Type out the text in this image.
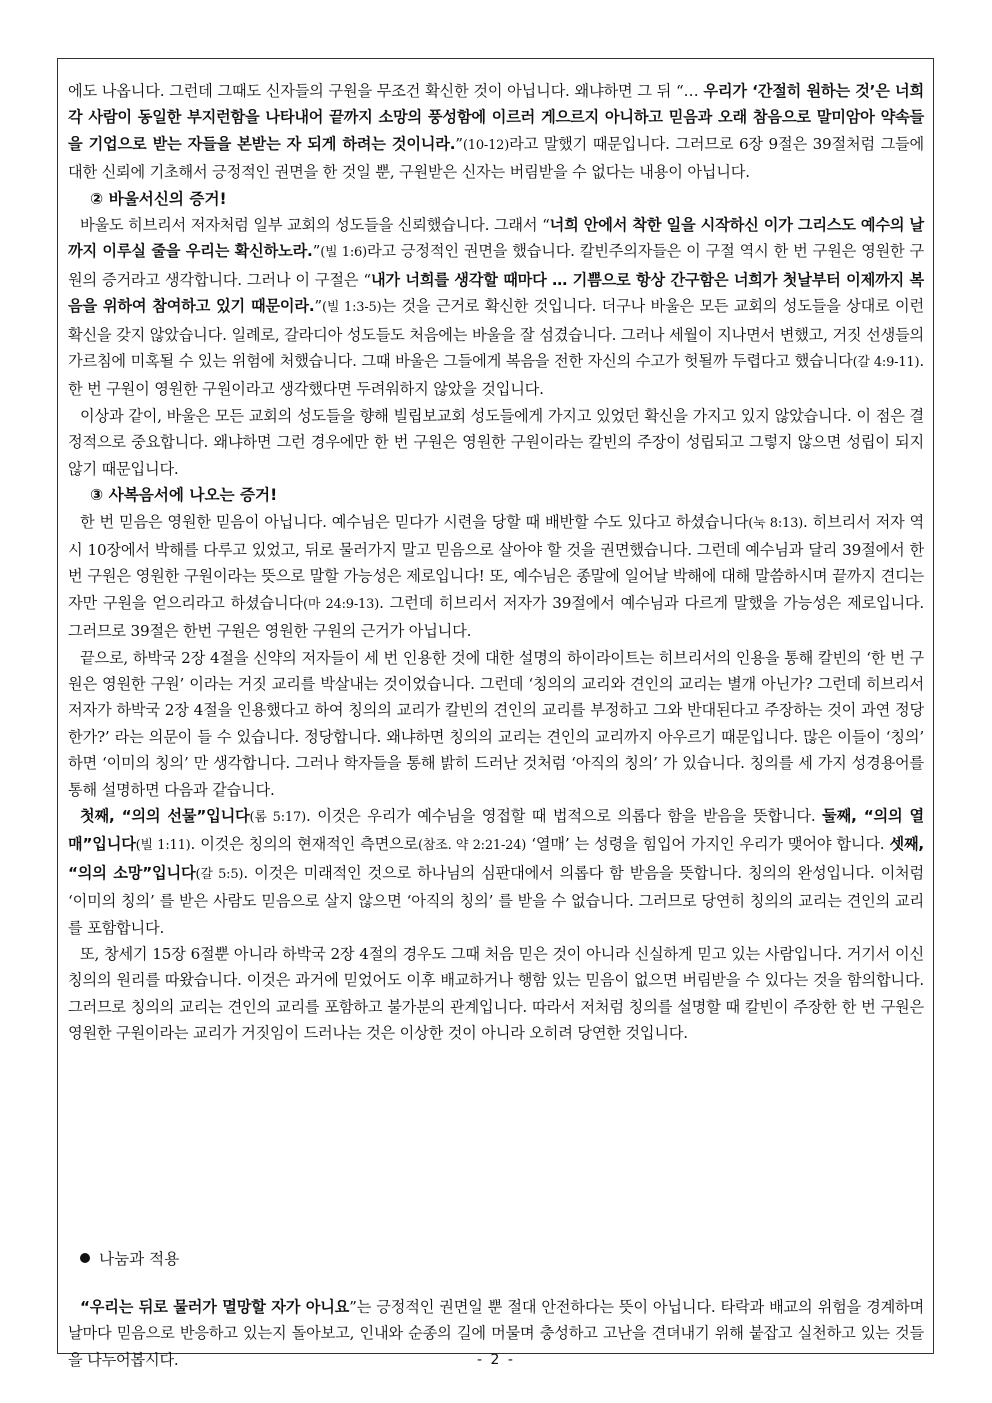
에도 나옵니다. 그런데 그때도 신자들의 구원을 무조건 확신한 것이 아닙니다. 왜냐하면 그 뒤 “… 우리가 ‘간절히 원하는 것’은 너희 각 사람이 동일한 부지런함을 나타내어 끝까지 소망의 풍성함에 이르러 게으르지 아니하고 믿음과 오래 참음으로 말미암아 약속들을 기업으로 받는 자들을 본받는 자 되게 하려는 것이니라.”(10-12)라고 말했기 때문입니다. 그러므로 6장 9절은 39절처럼 그들에 대한 신뢰에 기초해서 긍정적인 권면을 한 것일 뿐, 구원받은 신자는 버림받을 수 없다는 내용이 아닙니다.

② 바울서신의 증거!

바울도 히브리서 저자처럼 일부 교회의 성도들을 신뢰했습니다. 그래서 “너희 안에서 착한 일을 시작하신 이가 그리스도 예수의 날까지 이루실 줄을 우리는 확신하노라.”(빌 1:6)라고 긍정적인 권면을 했습니다. 칼빈주의자들은 이 구절 역시 한 번 구원은 영원한 구원의 증거라고 생각합니다. 그러나 이 구절은 “내가 너희를 생각할 때마다 … 기쁨으로 항상 간구함은 너희가 첫날부터 이제까지 복음을 위하여 참여하고 있기 때문이라.”(빌 1:3-5)는 것을 근거로 확신한 것입니다. 더구나 바울은 모든 교회의 성도들을 상대로 이런 확신을 갖지 않았습니다. 일례로, 갈라디아 성도들도 처음에는 바울을 잘 섬겼습니다. 그러나 세월이 지나면서 변했고, 거짓 선생들의 가르침에 미혹될 수 있는 위험에 처했습니다. 그때 바울은 그들에게 복음을 전한 자신의 수고가 헛될까 두렵다고 했습니다(갈 4:9-11). 한 번 구원이 영원한 구원이라고 생각했다면 두려워하지 않았을 것입니다.

이상과 같이, 바울은 모든 교회의 성도들을 향해 빌립보교회 성도들에게 가지고 있었던 확신을 가지고 있지 않았습니다. 이 점은 결정적으로 중요합니다. 왜냐하면 그런 경우에만 한 번 구원은 영원한 구원이라는 칼빈의 주장이 성립되고 그렇지 않으면 성립이 되지 않기 때문입니다.

③ 사복음서에 나오는 증거!

한 번 믿음은 영원한 믿음이 아닙니다. 예수님은 믿다가 시련을 당할 때 배반할 수도 있다고 하셨습니다(눅 8:13). 히브리서 저자 역시 10장에서 박해를 다루고 있었고, 뒤로 물러가지 말고 믿음으로 살아야 할 것을 권면했습니다. 그런데 예수님과 달리 39절에서 한 번 구원은 영원한 구원이라는 뜻으로 말할 가능성은 제로입니다! 또, 예수님은 종말에 일어날 박해에 대해 말씀하시며 끝까지 견디는 자만 구원을 얻으리라고 하셨습니다(마 24:9-13). 그런데 히브리서 저자가 39절에서 예수님과 다르게 말했을 가능성은 제로입니다. 그러므로 39절은 한번 구원은 영원한 구원의 근거가 아닙니다.

끝으로, 하박국 2장 4절을 신약의 저자들이 세 번 인용한 것에 대한 설명의 하이라이트는 히브리서의 인용을 통해 칼빈의 ‘한 번 구원은 영원한 구원’ 이라는 거짓 교리를 박살내는 것이었습니다. 그런데 ‘칭의의 교리와 견인의 교리는 별개 아닌가? 그런데 히브리서 저자가 하박국 2장 4절을 인용했다고 하여 칭의의 교리가 칼빈의 견인의 교리를 부정하고 그와 반대된다고 주장하는 것이 과연 정당한가?’ 라는 의문이 들 수 있습니다. 정당합니다. 왜냐하면 칭의의 교리는 견인의 교리까지 아우르기 때문입니다. 많은 이들이 ‘칭의’ 하면 ‘이미의 칭의’ 만 생각합니다. 그러나 학자들을 통해 밝히 드러난 것처럼 ‘아직의 칭의’ 가 있습니다. 칭의를 세 가지 성경용어를 통해 설명하면 다음과 같습니다.

첫째, “의의 선물”입니다(롬 5:17). 이것은 우리가 예수님을 영접할 때 법적으로 의롭다 함을 받음을 뜻합니다. 둘째, “의의 열매”입니다(빌 1:11). 이것은 칭의의 현재적인 측면으로(참조. 약 2:21-24) ‘열매’ 는 성령을 힘입어 가지인 우리가 맺어야 합니다. 셋째, “의의 소망”입니다(갈 5:5). 이것은 미래적인 것으로 하나님의 심판대에서 의롭다 함 받음을 뜻합니다. 칭의의 완성입니다. 이처럼 ‘이미의 칭의’ 를 받은 사람도 믿음으로 살지 않으면 ‘아직의 칭의’ 를 받을 수 없습니다. 그러므로 당연히 칭의의 교리는 견인의 교리를 포함합니다.

또, 창세기 15장 6절뿐 아니라 하박국 2장 4절의 경우도 그때 처음 믿은 것이 아니라 신실하게 믿고 있는 사람입니다. 거기서 이신칭의의 원리를 따왔습니다. 이것은 과거에 믿었어도 이후 배교하거나 행함 있는 믿음이 없으면 버림받을 수 있다는 것을 함의합니다. 그러므로 칭의의 교리는 견인의 교리를 포함하고 불가분의 관계입니다. 따라서 저처럼 칭의를 설명할 때 칼빈이 주장한 한 번 구원은 영원한 구원이라는 교리가 거짓임이 드러나는 것은 이상한 것이 아니라 오히려 당연한 것입니다.

나눔과 적용

“우리는 뒤로 물러가 멸망할 자가 아니요”는 긍정적인 권면일 뿐 절대 안전하다는 뜻이 아닙니다. 타락과 배교의 위험을 경계하며 날마다 믿음으로 반응하고 있는지 돌아보고, 인내와 순종의 길에 머물며 충성하고 고난을 견뎌내기 위해 붙잡고 실천하고 있는 것들을 나누어봅시다.	- 2 -
